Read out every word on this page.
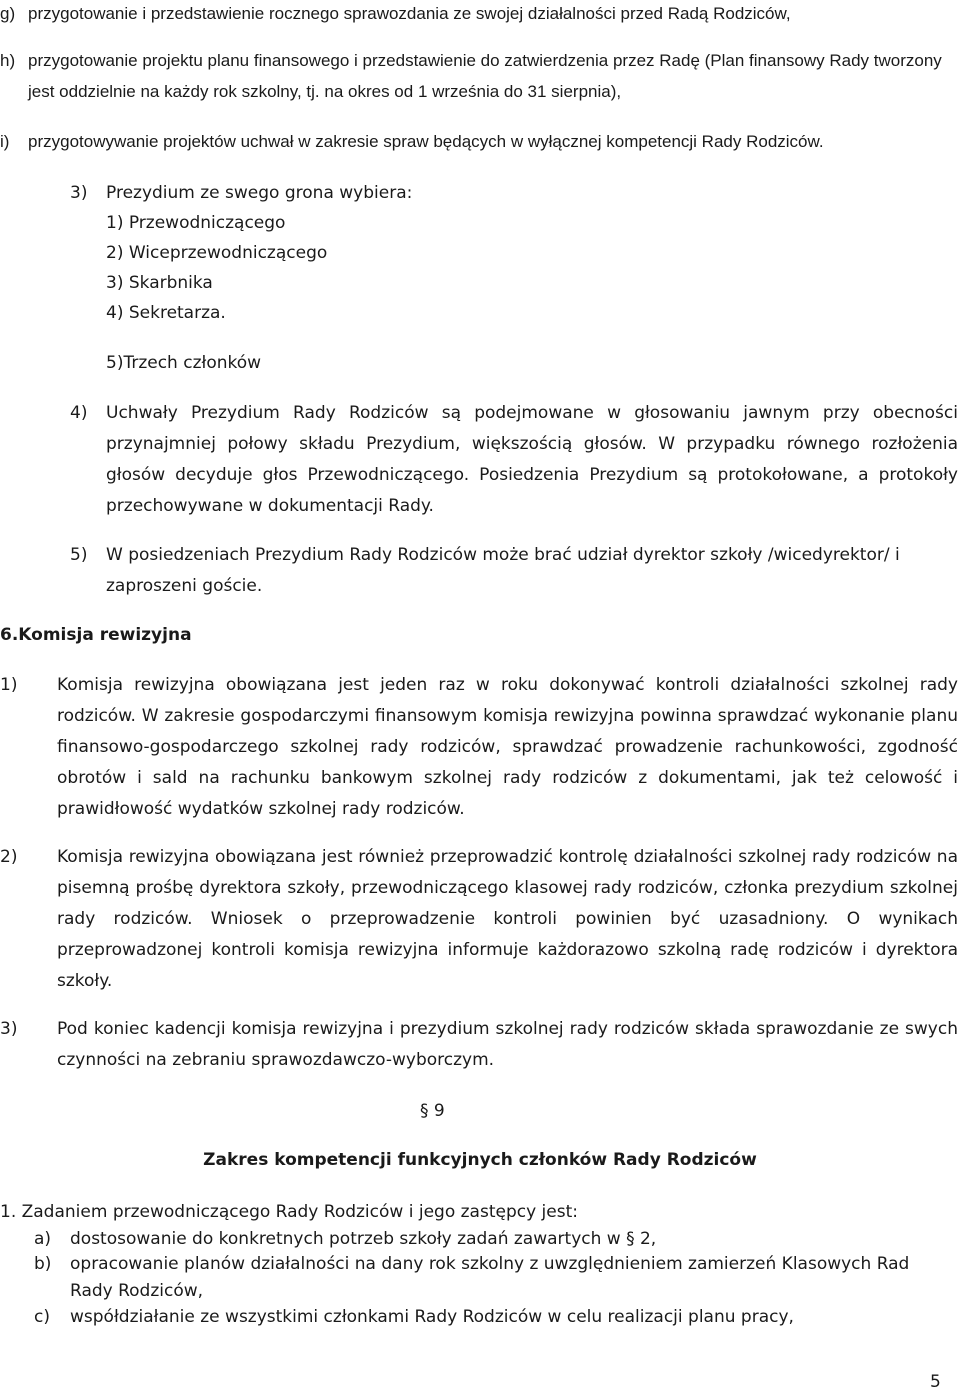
g) przygotowanie i przedstawienie rocznego sprawozdania ze swojej działalności przed Radą Rodziców,
h) przygotowanie projektu planu finansowego i przedstawienie do zatwierdzenia przez Radę (Plan finansowy Rady tworzony jest oddzielnie na każdy rok szkolny, tj. na okres od 1 września do 31 sierpnia),
i) przygotowywanie projektów uchwał w zakresie spraw będących w wyłącznej kompetencji Rady Rodziców.
3) Prezydium ze swego grona wybiera:
1) Przewodniczącego
2) Wiceprzewodniczącego
3) Skarbnika
4) Sekretarza.
5)Trzech członków
4) Uchwały Prezydium Rady Rodziców są podejmowane w głosowaniu jawnym przy obecności przynajmniej połowy składu Prezydium, większością głosów. W przypadku równego rozłożenia głosów decyduje głos Przewodniczącego. Posiedzenia Prezydium są protokołowane, a protokoły przechowywane w dokumentacji Rady.
5) W posiedzeniach Prezydium Rady Rodziców może brać udział dyrektor szkoły /wicedyrektor/ i zaproszeni goście.
6.Komisja rewizyjna
1) Komisja rewizyjna obowiązana jest jeden raz w roku dokonywać kontroli działalności szkolnej rady rodziców. W zakresie gospodarczymi finansowym komisja rewizyjna powinna sprawdzać wykonanie planu finansowo-gospodarczego szkolnej rady rodziców, sprawdzać prowadzenie rachunkowości, zgodność obrotów i sald na rachunku bankowym szkolnej rady rodziców z dokumentami, jak też celowość i prawidłowość wydatków szkolnej rady rodziców.
2) Komisja rewizyjna obowiązana jest również przeprowadzić kontrolę działalności szkolnej rady rodziców na pisemną prośbę dyrektora szkoły, przewodniczącego klasowej rady rodziców, członka prezydium szkolnej rady rodziców. Wniosek o przeprowadzenie kontroli powinien być uzasadniony. O wynikach przeprowadzonej kontroli komisja rewizyjna informuje każdorazowo szkolną radę rodziców i dyrektora szkoły.
3) Pod koniec kadencji komisja rewizyjna i prezydium szkolnej rady rodziców składa sprawozdanie ze swych czynności na zebraniu sprawozdawczo-wyborczym.
§ 9
Zakres kompetencji funkcyjnych członków Rady Rodziców
1. Zadaniem przewodniczącego Rady Rodziców i jego zastępcy jest:
a) dostosowanie do konkretnych potrzeb szkoły zadań zawartych w § 2,
b) opracowanie planów działalności na dany rok szkolny z uwzględnieniem zamierzeń Klasowych Rad Rady Rodziców,
c) współdziałanie ze wszystkimi członkami Rady Rodziców w celu realizacji planu pracy,
5
